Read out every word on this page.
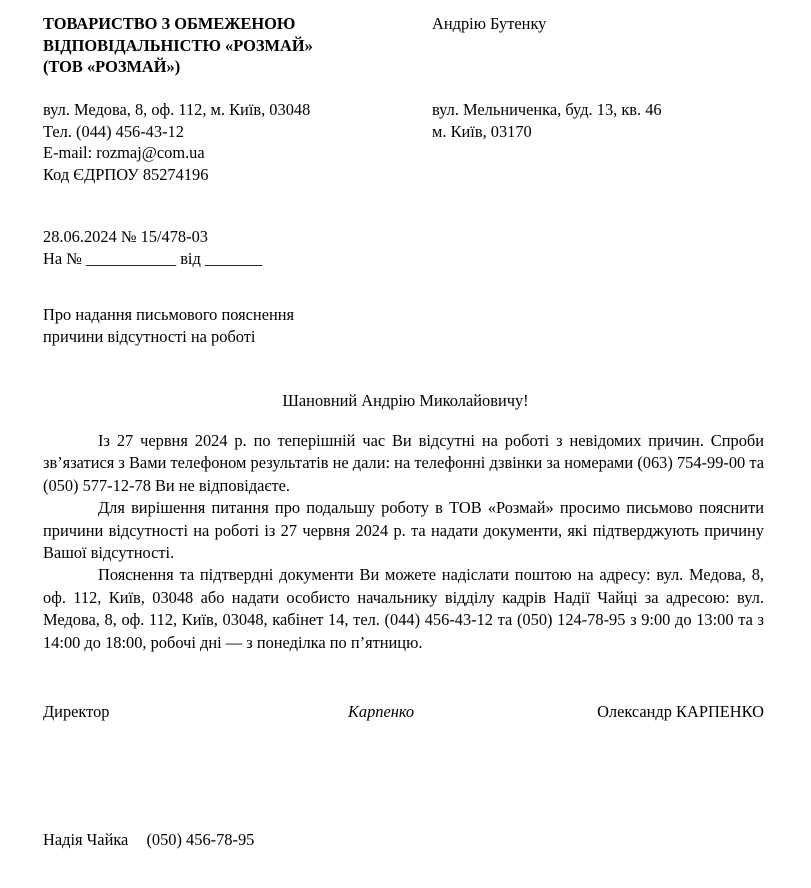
ТОВАРИСТВО З ОБМЕЖЕНОЮ
ВІДПОВІДАЛЬНІСТЮ «РОЗМАЙ»
(ТОВ «РОЗМАЙ»)

вул. Медова, 8, оф. 112, м. Київ, 03048
Тел. (044) 456-43-12
E-mail: rozmaj@com.ua
Код ЄДРПОУ 85274196
Андрію Бутенку

вул. Мельниченка, буд. 13, кв. 46
м. Київ, 03170
28.06.2024 № 15/478-03
На № ___________ від _______
Про надання письмового пояснення
причини відсутності на роботі
Шановний Андрію Миколайовичу!

Із 27 червня 2024 р. по теперішній час Ви відсутні на роботі з невідомих причин. Спроби зв’язатися з Вами телефоном результатів не дали: на телефонні дзвінки за номерами (063) 754-99-00 та (050) 577-12-78 Ви не відповідаєте.

Для вирішення питання про подальшу роботу в ТОВ «Розмай» просимо письмово пояснити причини відсутності на роботі із 27 червня 2024 р. та надати документи, які підтверджують причину Вашої відсутності.

Пояснення та підтвердні документи Ви можете надіслати поштою на адресу: вул. Медова, 8, оф. 112, Київ, 03048 або надати особисто начальнику відділу кадрів Надії Чайці за адресою: вул. Медова, 8, оф. 112, Київ, 03048, кабінет 14, тел. (044) 456-43-12 та (050) 124-78-95 з 9:00 до 13:00 та з 14:00 до 18:00, робочі дні — з понеділка по п’ятницю.

Директор	Карпенко	Олександр КАРПЕНКО
Надія Чайка (050) 456-78-95
